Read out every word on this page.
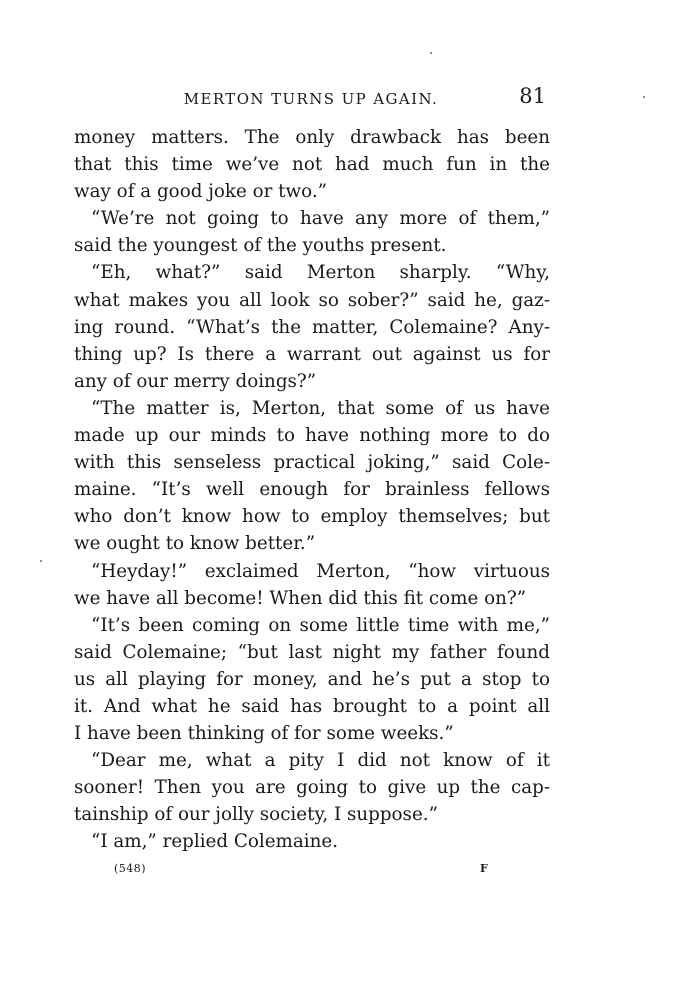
MERTON TURNS UP AGAIN.	81
money matters. The only drawback has been
that this time we’ve not had much fun in the
way of a good joke or two.”
“We’re not going to have any more of them,”
said the youngest of the youths present.
“Eh, what?” said Merton sharply. “Why,
what makes you all look so sober?” said he, gaz-
ing round. “What’s the matter, Colemaine? Any-
thing up? Is there a warrant out against us for
any of our merry doings?”
“The matter is, Merton, that some of us have
made up our minds to have nothing more to do
with this senseless practical joking,” said Cole-
maine. “It’s well enough for brainless fellows
who don’t know how to employ themselves; but
we ought to know better.”
“Heyday!” exclaimed Merton, “how virtuous
we have all become! When did this fit come on?”
“It’s been coming on some little time with me,”
said Colemaine; “but last night my father found
us all playing for money, and he’s put a stop to
it. And what he said has brought to a point all
I have been thinking of for some weeks.”
“Dear me, what a pity I did not know of it
sooner! Then you are going to give up the cap-
tainship of our jolly society, I suppose.”
“I am,” replied Colemaine.
(548)	F
